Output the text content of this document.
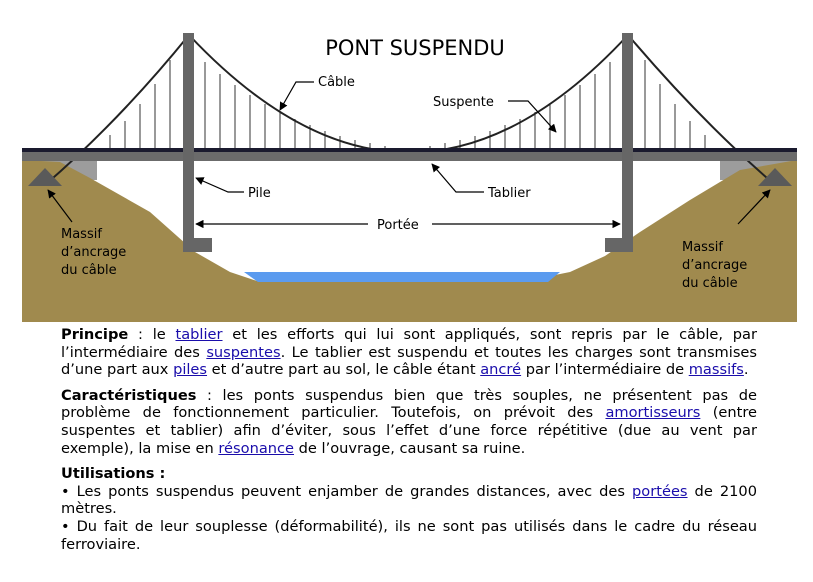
PONT SUSPENDU
Câble
Suspente
Pile	Tablier
Portée
Massif d’ancrage du câble
Massif d’ancrage du câble

Principe : le tablier et les efforts qui lui sont appliqués, sont repris par le câble, par l’intermédiaire des suspentes. Le tablier est suspendu et toutes les charges sont transmises d’une part aux piles et d’autre part au sol, le câble étant ancré par l’intermédiaire de massifs.

Caractéristiques : les ponts suspendus bien que très souples, ne présentent pas de problème de fonctionnement particulier. Toutefois, on prévoit des amortisseurs (entre suspentes et tablier) afin d’éviter, sous l’effet d’une force répétitive (due au vent par exemple), la mise en résonance de l’ouvrage, causant sa ruine.

Utilisations :

• Les ponts suspendus peuvent enjamber de grandes distances, avec des portées de 2100 mètres.

• Du fait de leur souplesse (déformabilité), ils ne sont pas utilisés dans le cadre du réseau ferroviaire.
